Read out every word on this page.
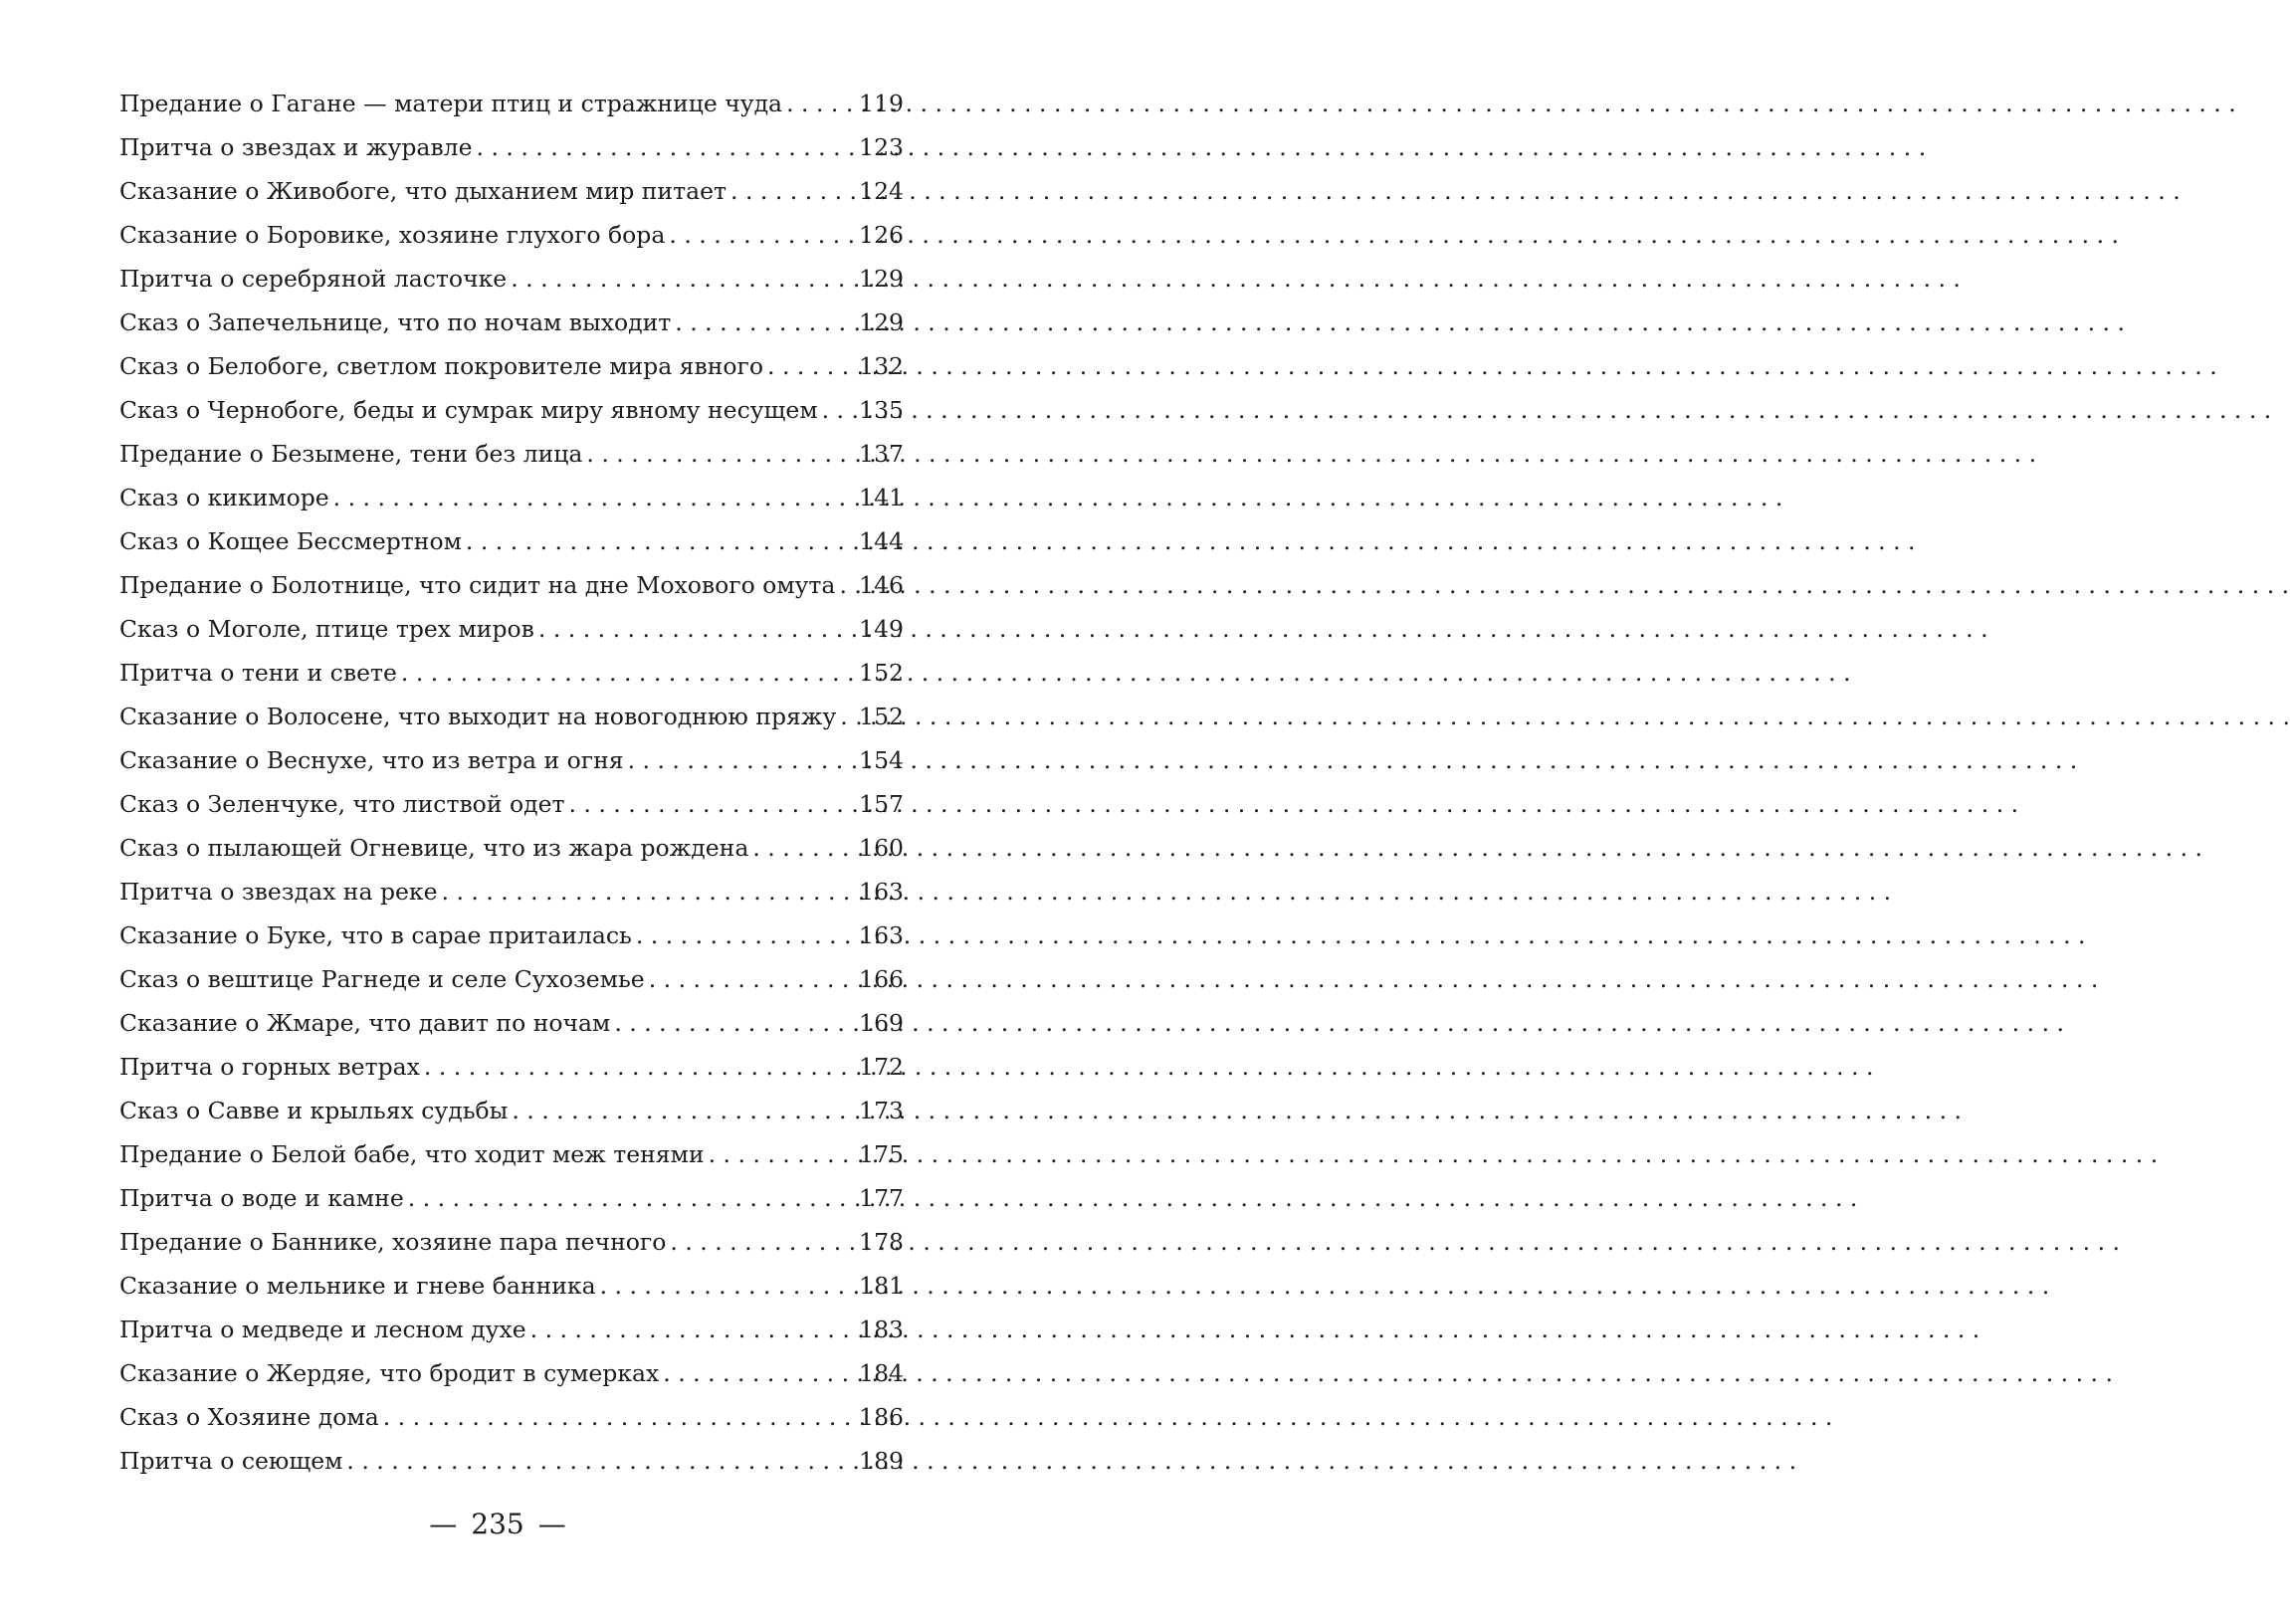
Предание о Гагане — матери птиц и стражнице чуда . . .	119
Притча о звездах и журавле . . .	123
Сказание о Живобоге, что дыханием мир питает . . .	124
Сказание о Боровике, хозяине глухого бора . . .	126
Притча о серебряной ласточке . . .	129
Сказ о Запечельнице, что по ночам выходит . . .	129
Сказ о Белобоге, светлом покровителе мира явного . . .	132
Сказ о Чернобоге, беды и сумрак миру явному несущем . . . 135
Предание о Безымене, тени без лица . . .	137
Сказ о кикиморе . . .	141
Сказ о Кощее Бессмертном . . .	144
Предание о Болотнице, что сидит на дне Мохового омута . . . 146
Сказ о Моголе, птице трех миров . . .	149
Притча о тени и свете . . .	152
Сказание о Волосене, что выходит на новогоднюю пряжу . . . 152
Сказание о Веснухе, что из ветра и огня . . .	154
Сказ о Зеленчуке, что листвой одет . . .	157
Сказ о пылающей Огневице, что из жара рождена . . .	160
Притча о звездах на реке . . .	163
Сказание о Буке, что в сарае притаилась . . .	163
Сказ о вештице Рагнеде и селе Сухоземье . . .	166
Сказание о Жмаре, что давит по ночам . . .	169
Притча о горных ветрах . . .	172
Сказ о Савве и крыльях судьбы . . .	173
Предание о Белой бабе, что ходит меж тенями . . .	175
Притча о воде и камне . . .	177
Предание о Баннике, хозяине пара печного . . .	178
Сказание о мельнике и гневе банника . . .	181
Притча о медведе и лесном духе . . .	183
Сказание о Жердяе, что бродит в сумерках . . .	184
Сказ о Хозяине дома . . .	186
Притча о сеющем . . .	189
— 235 —
